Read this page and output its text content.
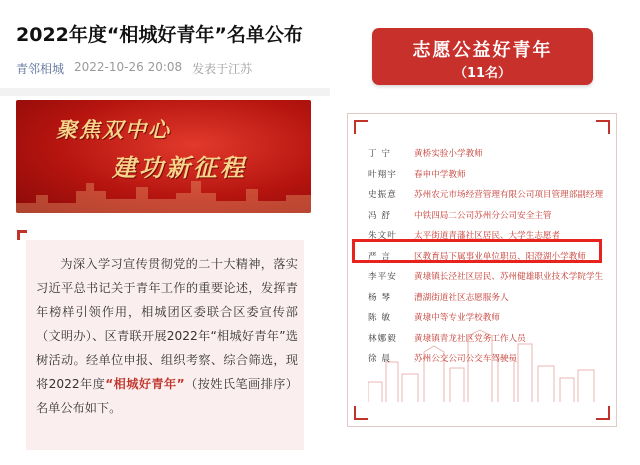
2022年度“相城好青年”名单公布
青邻相城 2022-10-26 20:08 发表于江苏
聚焦双中心
建功新征程

为深入学习宣传贯彻党的二十大精神，落实习近平总书记关于青年工作的重要论述，发挥青年榜样引领作用，相城团区委联合区委宣传部（文明办）、区青联开展2022年“相城好青年”选树活动。经单位申报、组织考察、综合筛选，现将2022年度“相城好青年”（按姓氏笔画排序）名单公布如下。

志愿公益好青年
（11名）
丁 宁	黄桥实验小学教师
叶翔宇	春申中学教师
史振意	苏州农元市场经营管理有限公司项目管理部副经理
冯 舒	中铁四局二公司苏州分公司安全主管
朱文叶	太平街道青藩社区居民、大学生志愿者
严 言	区教育局下属事业单位职员、阳澄湖小学教师
李平安	黄埭镇长泾社区居民、苏州健雄职业技术学院学生
杨 琴	漕湖街道社区志愿服务人
陈 敏	黄埭中等专业学校教师
林娜毅	黄埭镇青龙社区党务工作人员
徐 晨	苏州公交公司公交车驾驶员
